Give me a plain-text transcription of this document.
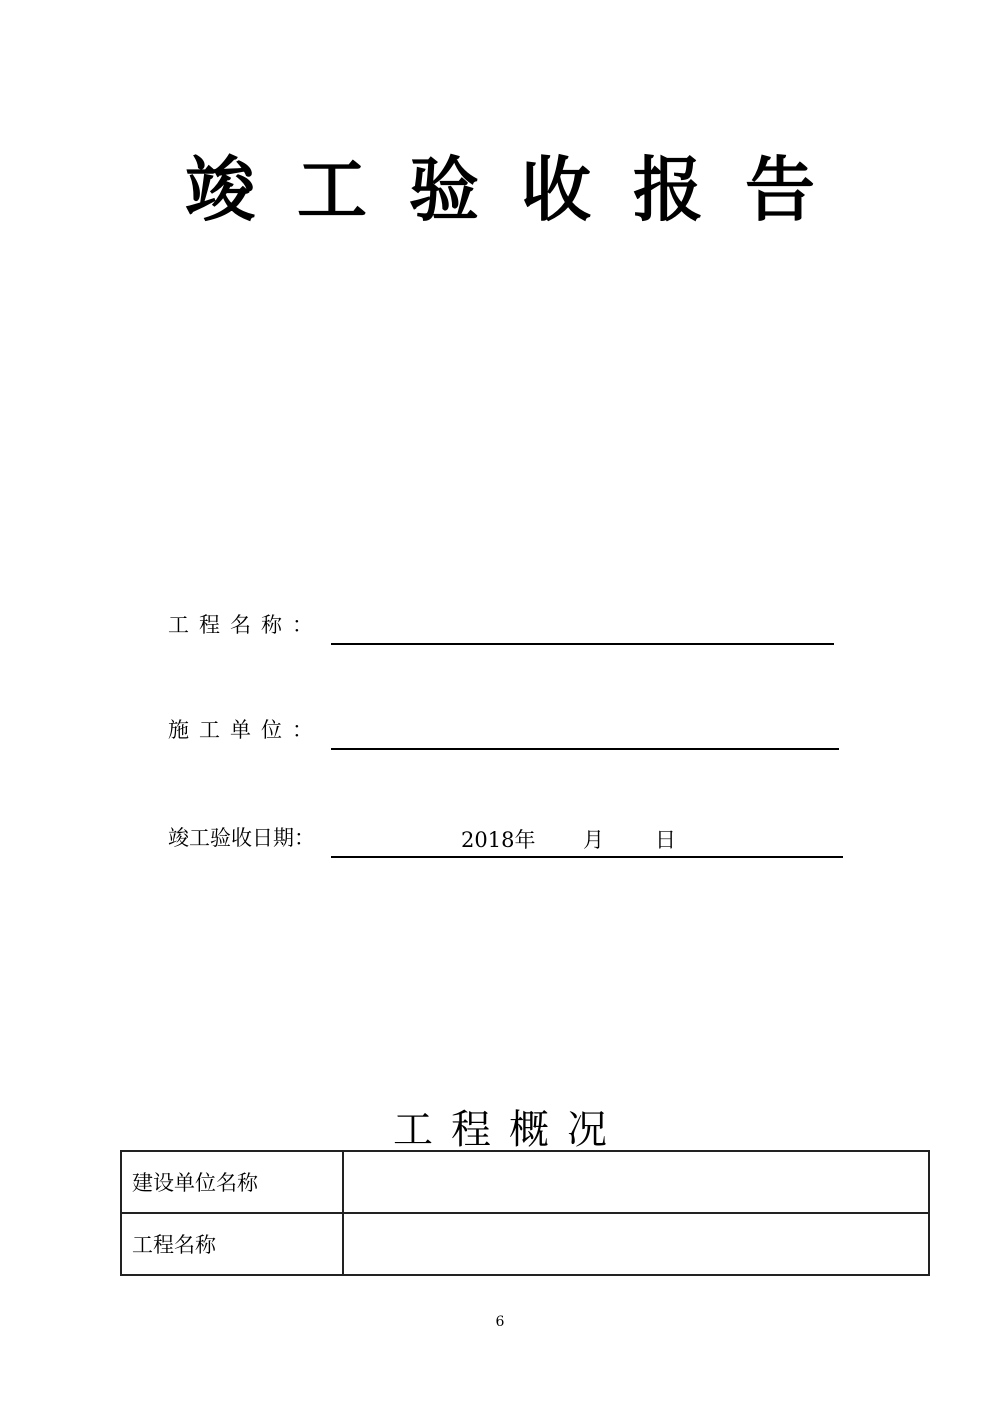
竣工验收报告
工程名称：
施工单位：
竣工验收日期：	2018年 月 日
工程概况
建设单位名称	
工程名称	
6
